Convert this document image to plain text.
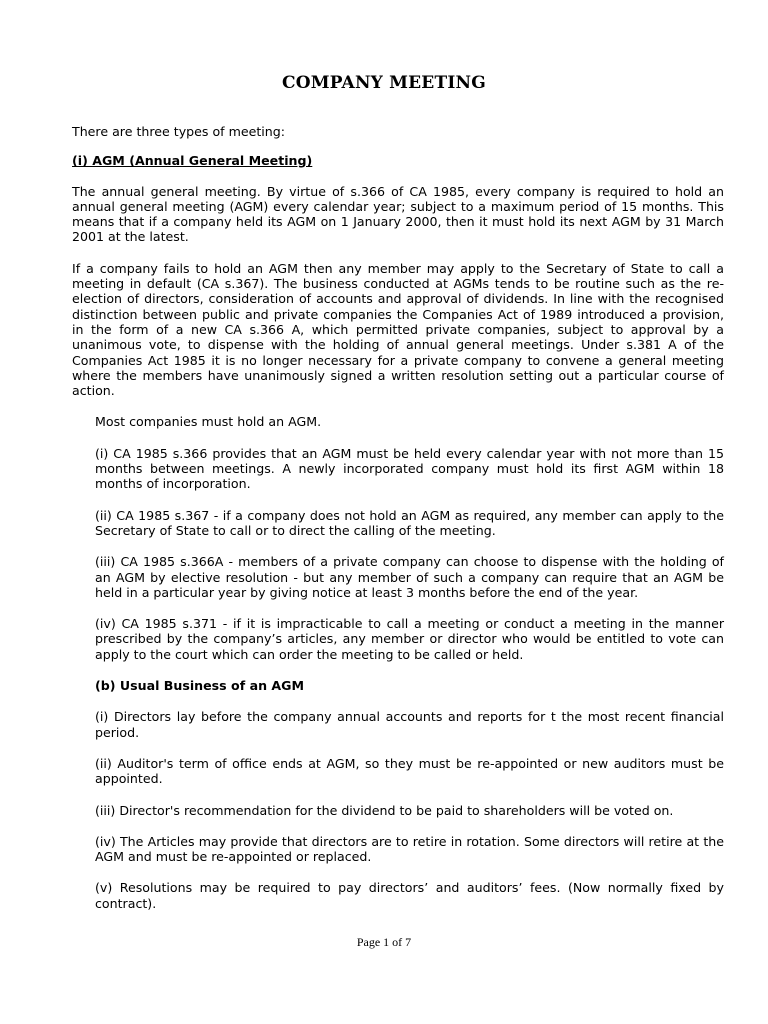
COMPANY MEETING

There are three types of meeting:

(i) AGM (Annual General Meeting)

The annual general meeting. By virtue of s.366 of CA 1985, every company is required to hold an annual general meeting (AGM) every calendar year; subject to a maximum period of 15 months. This means that if a company held its AGM on 1 January 2000, then it must hold its next AGM by 31 March 2001 at the latest.

If a company fails to hold an AGM then any member may apply to the Secretary of State to call a meeting in default (CA s.367). The business conducted at AGMs tends to be routine such as the re-election of directors, consideration of accounts and approval of dividends. In line with the recognised distinction between public and private companies the Companies Act of 1989 introduced a provision, in the form of a new CA s.366 A, which permitted private companies, subject to approval by a unanimous vote, to dispense with the holding of annual general meetings. Under s.381 A of the Companies Act 1985 it is no longer necessary for a private company to convene a general meeting where the members have unanimously signed a written resolution setting out a particular course of action.

Most companies must hold an AGM.

(i) CA 1985 s.366 provides that an AGM must be held every calendar year with not more than 15 months between meetings. A newly incorporated company must hold its first AGM within 18 months of incorporation.

(ii) CA 1985 s.367 - if a company does not hold an AGM as required, any member can apply to the Secretary of State to call or to direct the calling of the meeting.

(iii) CA 1985 s.366A - members of a private company can choose to dispense with the holding of an AGM by elective resolution - but any member of such a company can require that an AGM be held in a particular year by giving notice at least 3 months before the end of the year.

(iv) CA 1985 s.371 - if it is impracticable to call a meeting or conduct a meeting in the manner prescribed by the company’s articles, any member or director who would be entitled to vote can apply to the court which can order the meeting to be called or held.

(b) Usual Business of an AGM

(i) Directors lay before the company annual accounts and reports for t the most recent financial period.

(ii) Auditor's term of office ends at AGM, so they must be re-appointed or new auditors must be appointed.

(iii) Director's recommendation for the dividend to be paid to shareholders will be voted on.

(iv) The Articles may provide that directors are to retire in rotation. Some directors will retire at the AGM and must be re-appointed or replaced.

(v) Resolutions may be required to pay directors’ and auditors’ fees. (Now normally fixed by contract).

Page 1 of 7
